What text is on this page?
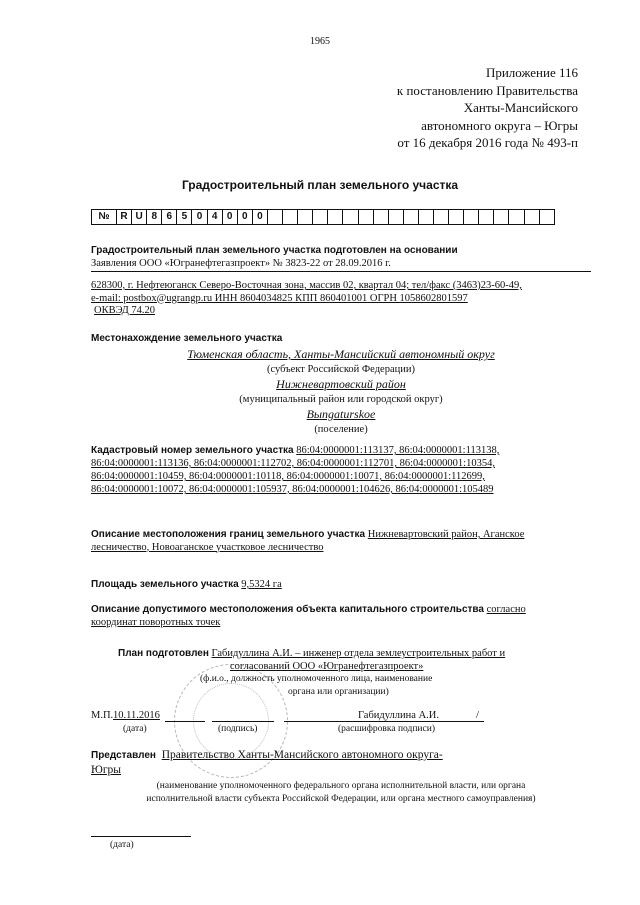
1965
Приложение 116
к постановлению Правительства
Ханты-Мансийского
автономного округа – Югры
от 16 декабря 2016 года № 493-п
Градостроительный план земельного участка
№	R U 8 6 5 0 4 0 0 0
Градостроительный план земельного участка подготовлен на основании
Заявления ООО «Югранефтегазпроект» № 3823-22 от 28.09.2016 г.
628300, г. Нефтеюганск Северо-Восточная зона, массив 02, квартал 04; тел/факс (3463)23-60-49,
e-mail: postbox@ugrangp.ru ИНН 8604034825 КПП 860401001 ОГРН 1058602801597
ОКВЭД 74.20
Местонахождение земельного участка
Тюменская область, Ханты-Мансийский автономный округ
(субъект Российской Федерации)
Нижневартовский район
(муниципальный район или городской округ)
Выngaturskoe
(поселение)
Кадастровый номер земельного участка 86:04:0000001:113137, 86:04:0000001:113138,
86:04:0000001:113136, 86:04:0000001:112702, 86:04:0000001:112701, 86:04:0000001:10354,
86:04:0000001:10459, 86:04:0000001:10118, 86:04:0000001:10071, 86:04:0000001:112699,
86:04:0000001:10072, 86:04:0000001:105937, 86:04:0000001:104626, 86:04:0000001:105489
Описание местоположения границ земельного участка Нижневартовский район, Аганское
лесничество, Новоаганское участковое лесничество
Площадь земельного участка 9,5324 га
Описание допустимого местоположения объекта капитального строительства согласно
координат поворотных точек
План подготовлен Габидуллина А.И. – инженер отдела землеустроительных работ и
согласований ООО «Югранефтегазпроект»
(ф.и.о., должность уполномоченного лица, наименование
органа или организации)
М.П. 10.11.2016	Габидуллина А.И.	/
(дата)	(подпись)	(расшифровка подписи)
Представлен Правительство Ханты-Мансийского автономного округа-
Югры
(наименование уполномоченного федерального органа исполнительной власти, или органа
исполнительной власти субъекта Российской Федерации, или органа местного самоуправления)
(дата)
